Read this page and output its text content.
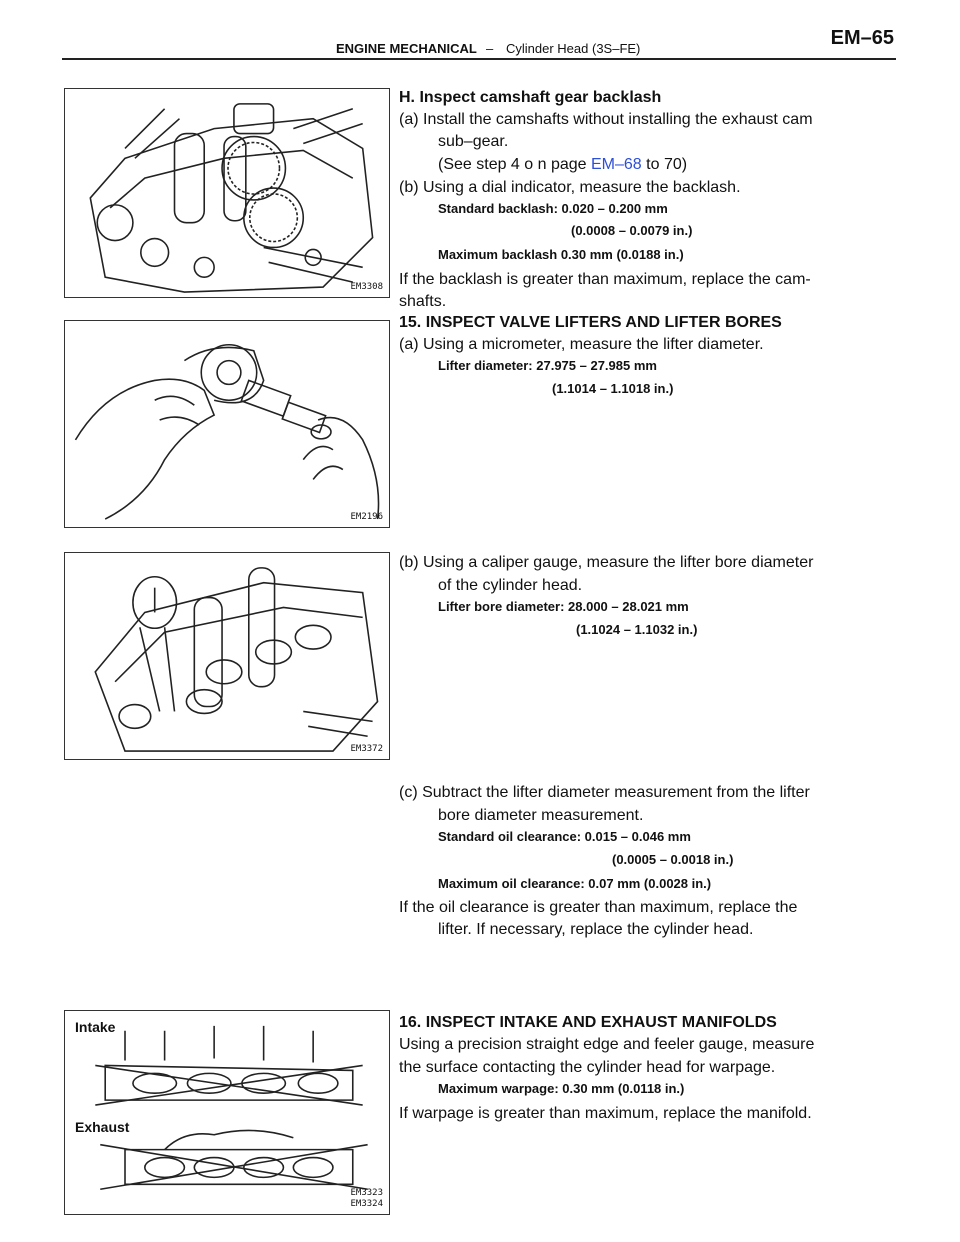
ENGINE MECHANICAL – Cylinder Head (3S–FE)	EM–65
EM3308
EM2196
EM3372
Intake
Exhaust
EM3323
EM3324
H. Inspect camshaft gear backlash
(a) Install the camshafts without installing the exhaust cam
sub–gear.
(See step 4 o n page EM–68 to 70)
(b) Using a dial indicator, measure the backlash.
Standard backlash: 0.020 – 0.200 mm
(0.0008 – 0.0079 in.)
Maximum backlash 0.30 mm (0.0188 in.)
If the backlash is greater than maximum, replace the cam-
shafts.
15. INSPECT VALVE LIFTERS AND LIFTER BORES
(a) Using a micrometer, measure the lifter diameter.
Lifter diameter: 27.975 – 27.985 mm
(1.1014 – 1.1018 in.)
(b) Using a caliper gauge, measure the lifter bore diameter
of the cylinder head.
Lifter bore diameter: 28.000 – 28.021 mm
(1.1024 – 1.1032 in.)
(c) Subtract the lifter diameter measurement from the lifter
bore diameter measurement.
Standard oil clearance: 0.015 – 0.046 mm
(0.0005 – 0.0018 in.)
Maximum oil clearance: 0.07 mm (0.0028 in.)
If the oil clearance is greater than maximum, replace the
lifter. If necessary, replace the cylinder head.
16. INSPECT INTAKE AND EXHAUST MANIFOLDS
Using a precision straight edge and feeler gauge, measure
the surface contacting the cylinder head for warpage.
Maximum warpage: 0.30 mm (0.0118 in.)
If warpage is greater than maximum, replace the manifold.
